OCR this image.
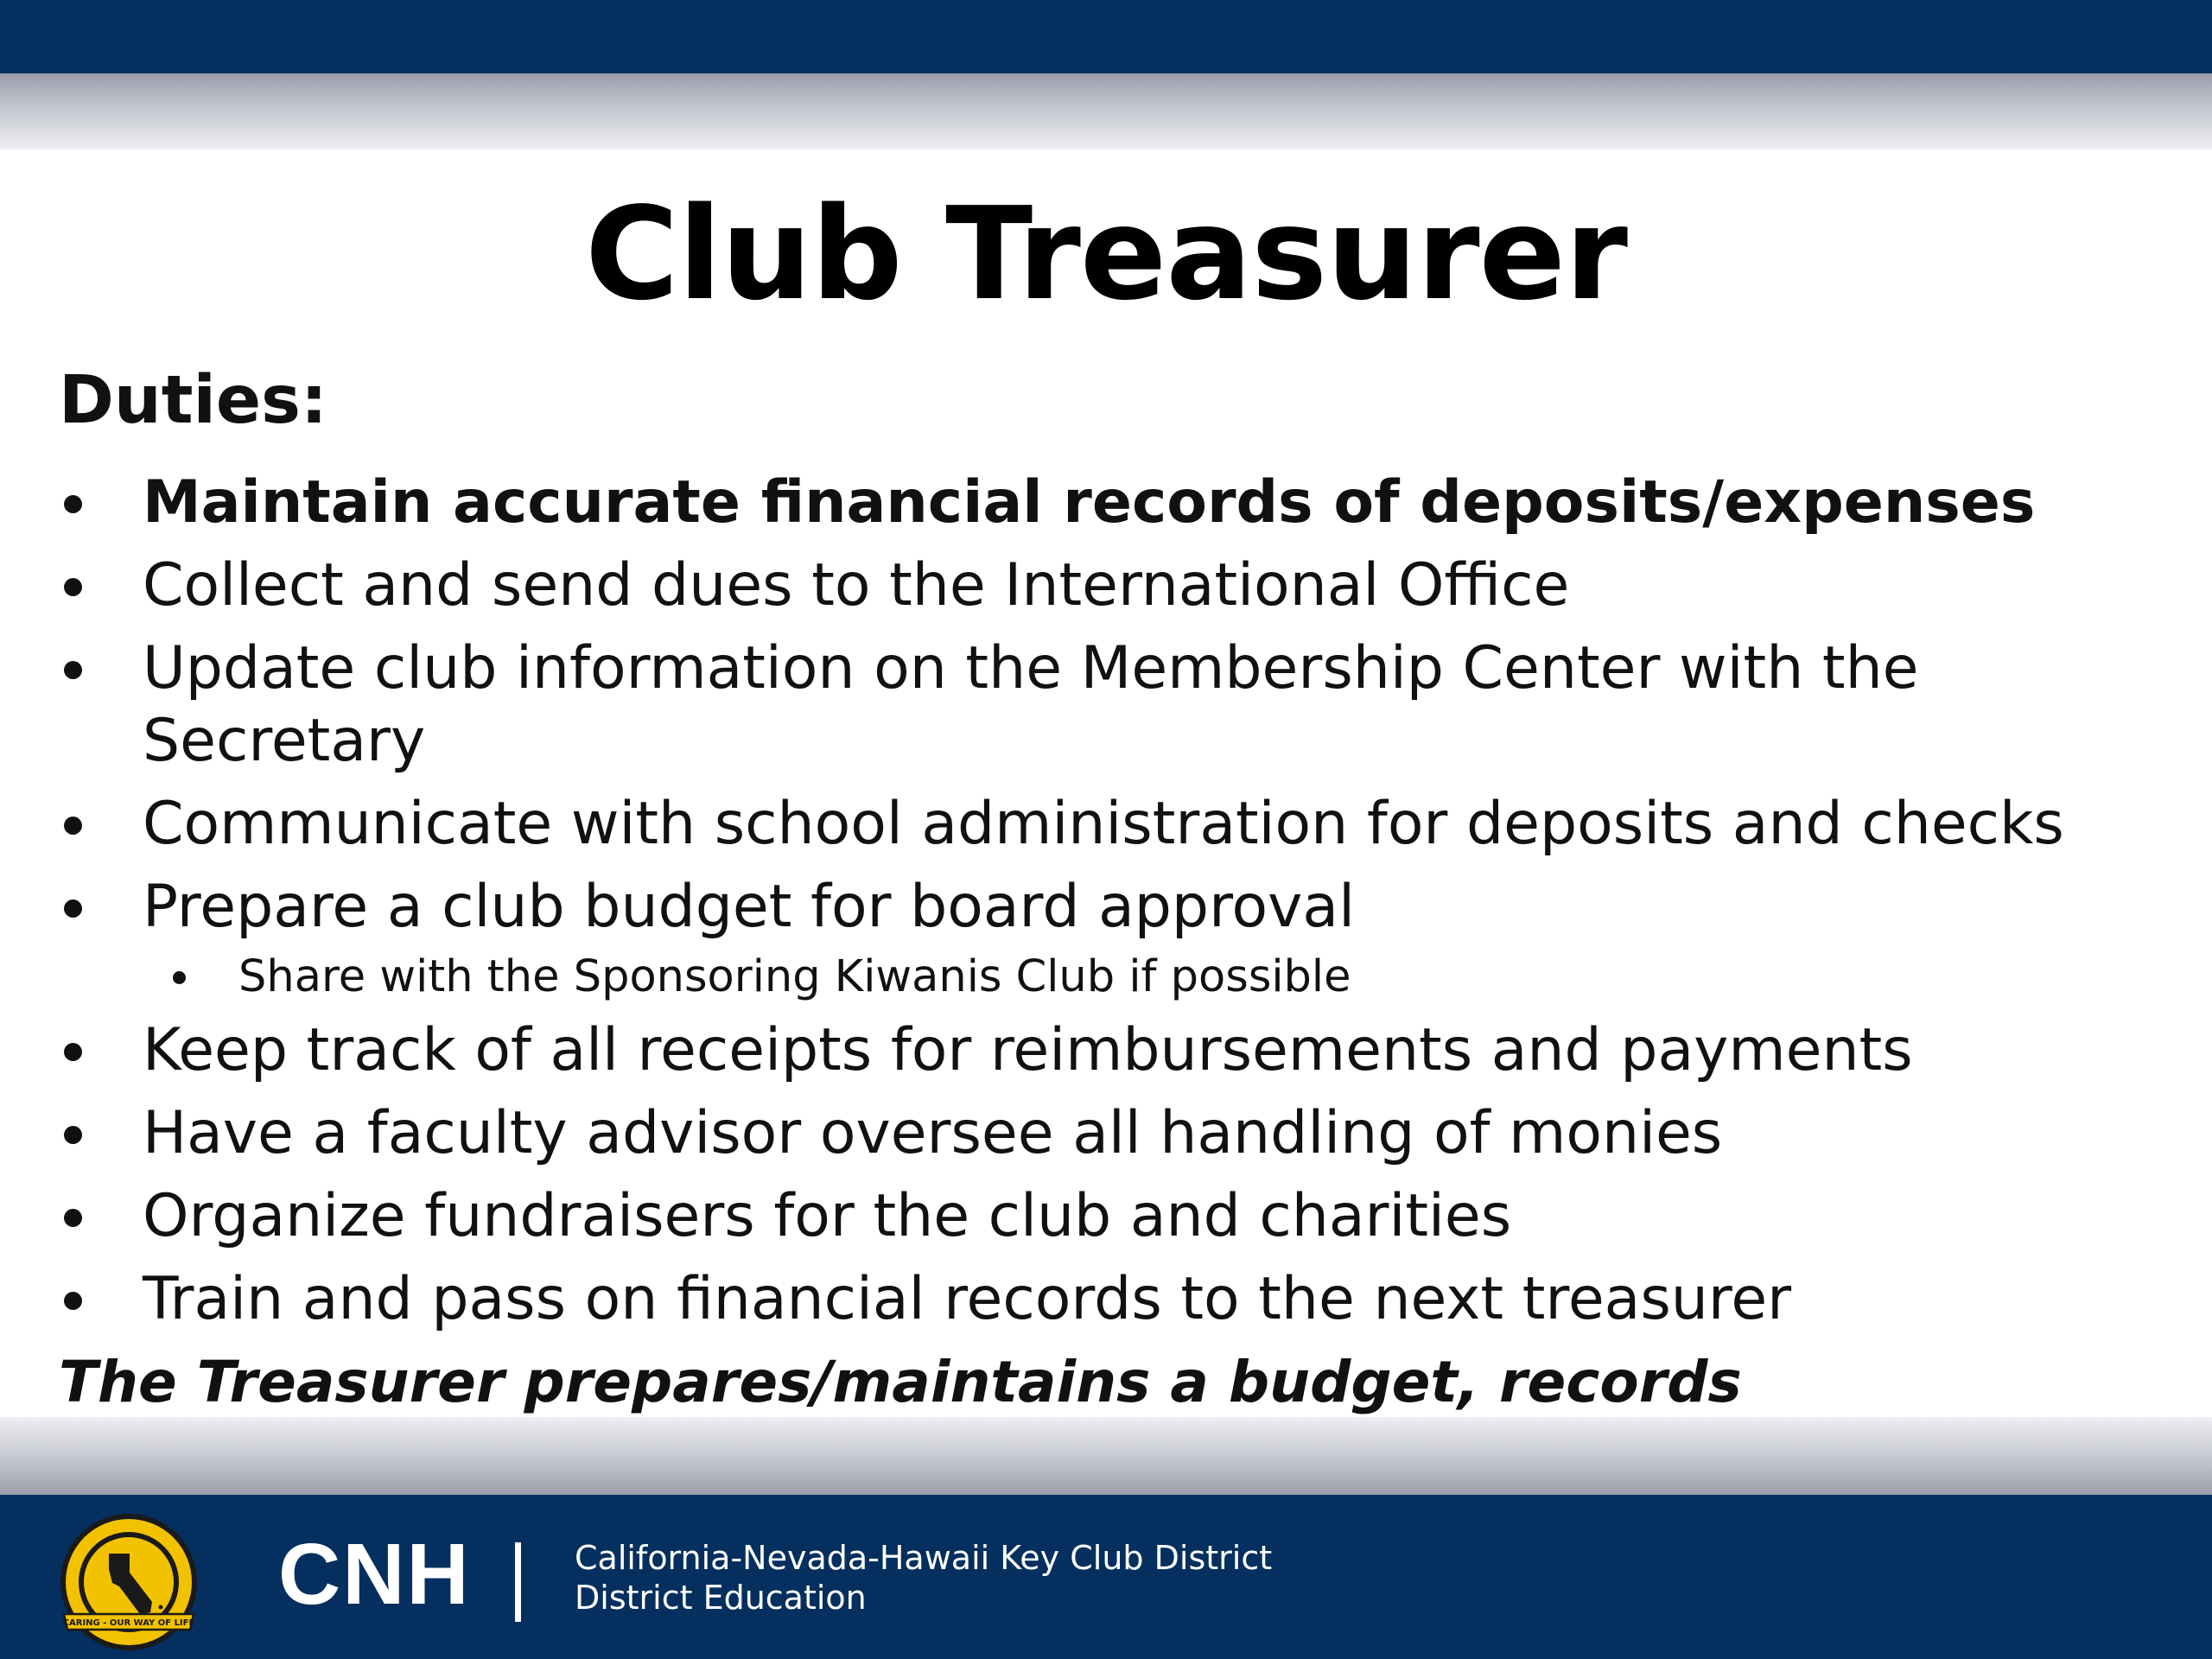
Club Treasurer
Duties:
Maintain accurate financial records of deposits/expenses
Collect and send dues to the International Office
Update club information on the Membership Center with the Secretary
Communicate with school administration for deposits and checks
Prepare a club budget for board approval
Share with the Sponsoring Kiwanis Club if possible
Keep track of all receipts for reimbursements and payments
Have a faculty advisor oversee all handling of monies
Organize fundraisers for the club and charities
Train and pass on financial records to the next treasurer
The Treasurer prepares/maintains a budget, records
CARING - OUR WAY OF LIFE
CNH	California-Nevada-Hawaii Key Club District
District Education
